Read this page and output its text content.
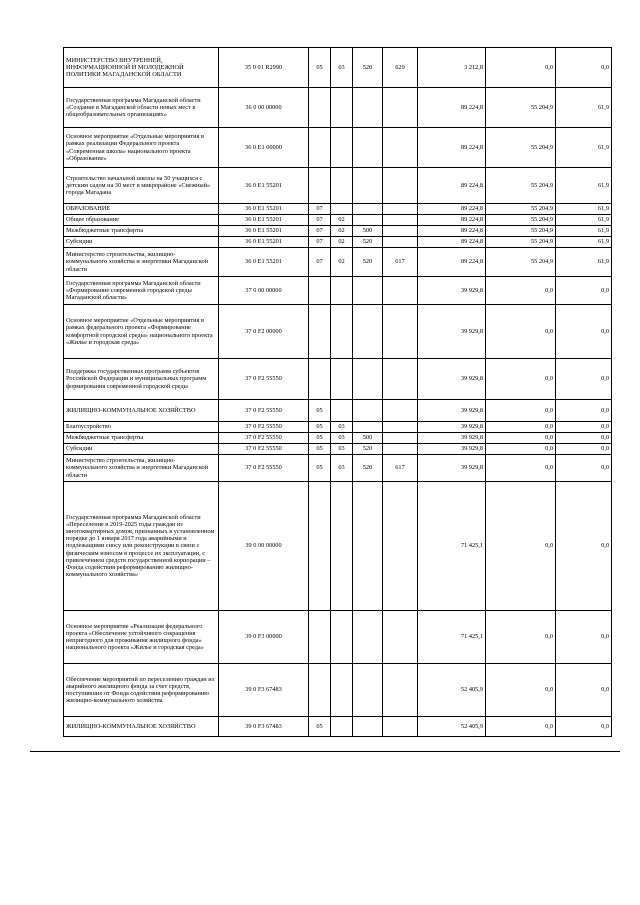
МИНИСТЕРСТВО ВНУТРЕННЕЙ, ИНФОРМАЦИОННОЙ И МОЛОДЕЖНОЙ ПОЛИТИКИ МАГАДАНСКОЙ ОБЛАСТИ	35 0 01 R2990	05	03	520	629	3 212,8	0,0	0,0
Государственная программа Магаданской области «Создание в Магаданской области новых мест в общеобразовательных организациях»	36 0 00 00000					89 224,8	55 204,9	61,9
Основное мероприятие «Отдельные мероприятия в рамках реализации Федерального проекта «Современная школа» национального проекта «Образование»	36 0 E1 00000					89 224,8	55 204,9	61,9
Строительство начальной школы на 50 учащихся с детским садом на 30 мест в микрорайоне «Снежный» города Магадана	36 0 E1 55201					89 224,8	55 204,9	61,9
ОБРАЗОВАНИЕ	36 0 E1 55201	07				89 224,8	55 204,9	61,9
Общее образование	36 0 E1 55201	07	02			89 224,8	55 204,9	61,9
Межбюджетные трансферты	36 0 E1 55201	07	02	500		89 224,8	55 204,9	61,9
Субсидии	36 0 E1 55201	07	02	520		89 224,8	55 204,9	61,9
Министерство строительства, жилищно-коммунального хозяйства и энергетики Магаданской области	36 0 E1 55201	07	02	520	617	89 224,8	55 204,9	61,9
Государственная программа Магаданской области «Формирование современной городской среды Магаданской области»	37 0 00 00000					39 929,8	0,0	0,0
Основное мероприятие «Отдельные мероприятия в рамках федерального проекта «Формирование комфортной городской среды» национального проекта «Жилье и городская среда»	37 0 F2 00000					39 929,8	0,0	0,0
Поддержка государственных программ субъектов Российской Федерации и муниципальных программ формирования современной городской среды	37 0 F2 55550					39 929,8	0,0	0,0
ЖИЛИЩНО-КОММУНАЛЬНОЕ ХОЗЯЙСТВО	37 0 F2 55550	05				39 929,8	0,0	0,0
Благоустройство	37 0 F2 55550	05	03			39 929,8	0,0	0,0
Межбюджетные трансферты	37 0 F2 55550	05	03	500		39 929,8	0,0	0,0
Субсидии	37 0 F2 55550	05	03	520		39 929,8	0,0	0,0
Министерство строительства, жилищно-коммунального хозяйства и энергетики Магаданской области	37 0 F2 55550	05	03	520	617	39 929,8	0,0	0,0
Государственная программа Магаданской области «Переселение в 2019-2025 годы граждан из многоквартирных домов, признанных в установленном порядке до 1 января 2017 года аварийными и подлежащими сносу или реконструкции в связи с физическим износом в процессе их эксплуатации, с привлечением средств государственной корпорации – Фонда содействия реформированию жилищно-коммунального хозяйства»	39 0 00 00000					71 425,1	0,0	0,0
Основное мероприятие «Реализация федерального проекта «Обеспечение устойчивого сокращения непригодного для проживания жилищного фонда» национального проекта «Жилье и городская среда»	39 0 F3 00000					71 425,1	0,0	0,0
Обеспечение мероприятий по переселению граждан из аварийного жилищного фонда за счет средств, поступивших от Фонда содействия реформированию жилищно-коммунального хозяйства	39 0 F3 67483					52 405,9	0,0	0,0
ЖИЛИЩНО-КОММУНАЛЬНОЕ ХОЗЯЙСТВО	39 0 F3 67483	05				52 405,9	0,0	0,0
